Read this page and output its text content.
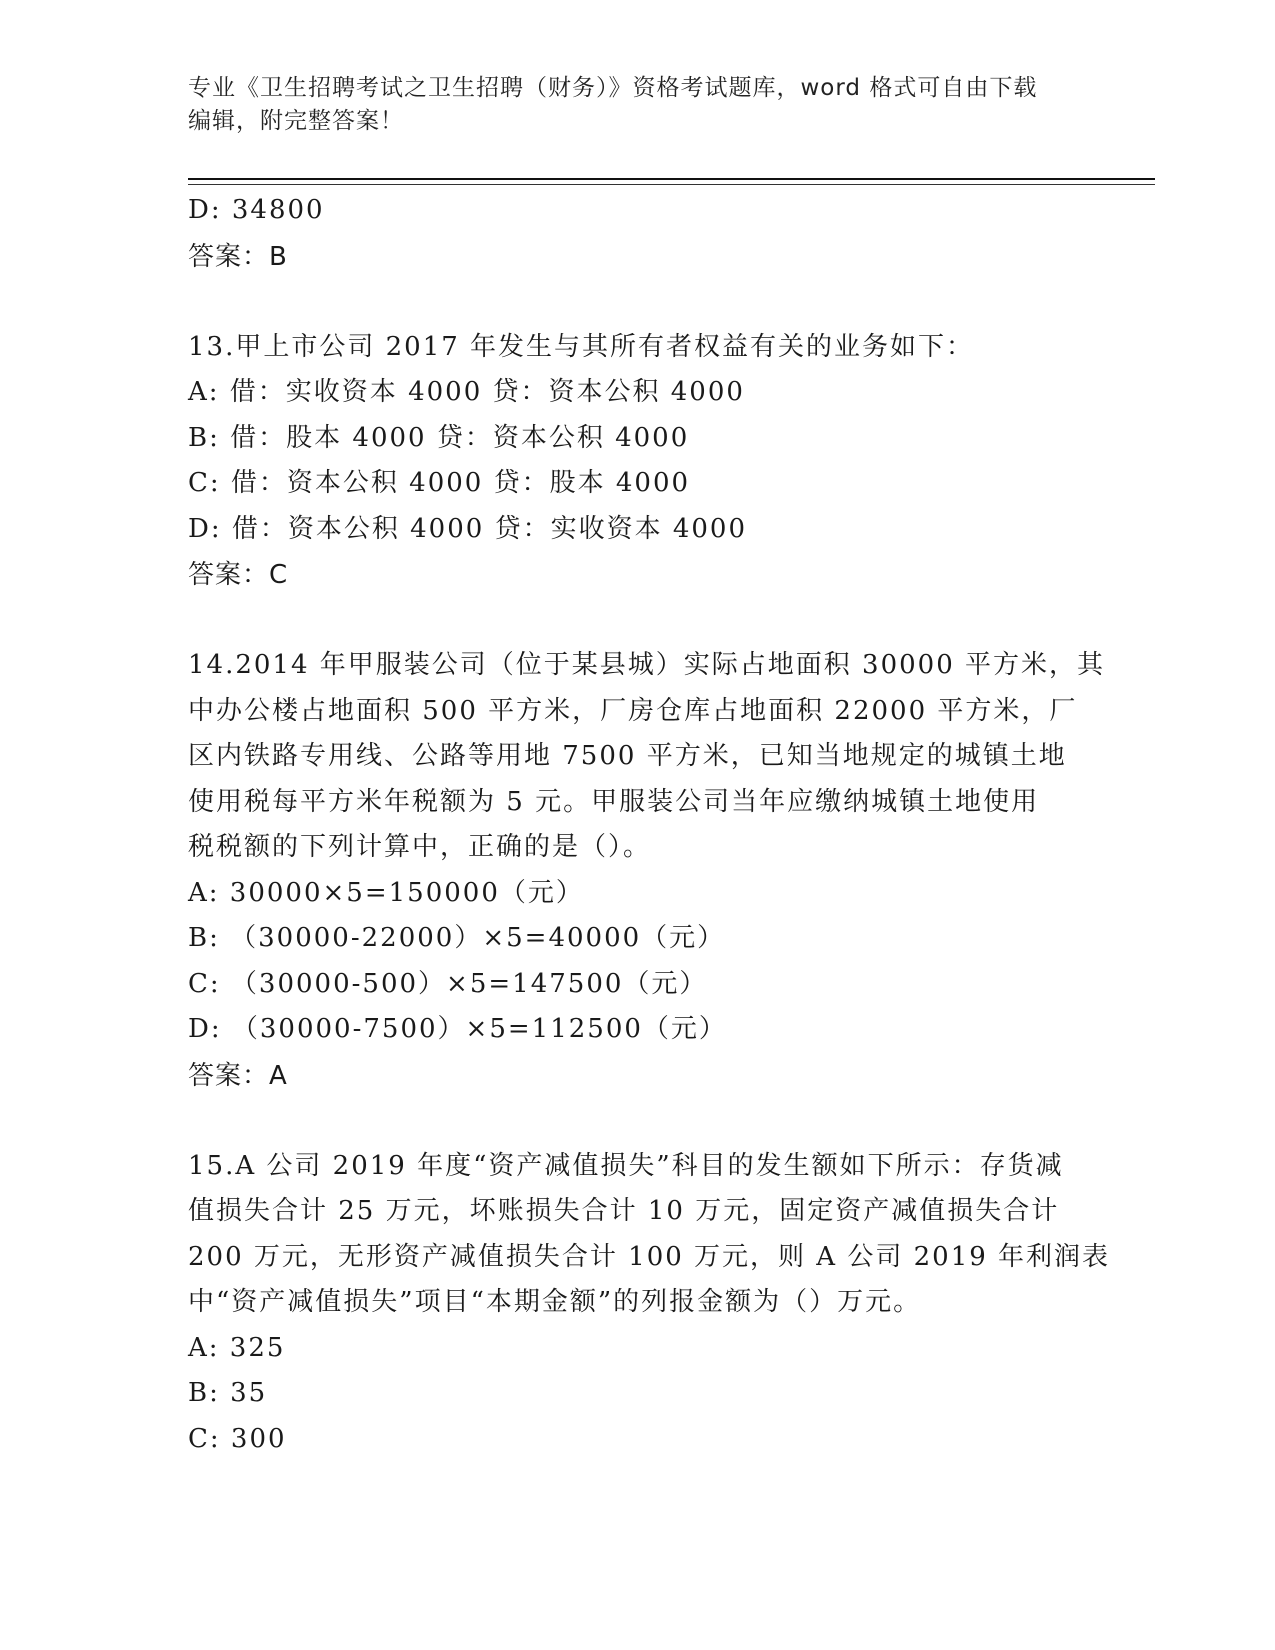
专业《卫生招聘考试之卫生招聘（财务）》资格考试题库，word 格式可自由下载
编辑，附完整答案！
D: 34800
答案：B
13.甲上市公司 2017 年发生与其所有者权益有关的业务如下：
A: 借：实收资本 4000 贷：资本公积 4000
B: 借：股本 4000 贷：资本公积 4000
C: 借：资本公积 4000 贷：股本 4000
D: 借：资本公积 4000 贷：实收资本 4000
答案：C
14.2014 年甲服装公司（位于某县城）实际占地面积 30000 平方米，其
中办公楼占地面积 500 平方米，厂房仓库占地面积 22000 平方米，厂
区内铁路专用线、公路等用地 7500 平方米，已知当地规定的城镇土地
使用税每平方米年税额为 5 元。甲服装公司当年应缴纳城镇土地使用
税税额的下列计算中，正确的是（）。
A: 30000×5=150000（元）
B: （30000-22000）×5=40000（元）
C: （30000-500）×5=147500（元）
D: （30000-7500）×5=112500（元）
答案：A
15.A 公司 2019 年度“资产减值损失”科目的发生额如下所示：存货减
值损失合计 25 万元，坏账损失合计 10 万元，固定资产减值损失合计
200 万元，无形资产减值损失合计 100 万元，则 A 公司 2019 年利润表
中“资产减值损失”项目“本期金额”的列报金额为（）万元。
A: 325
B: 35
C: 300
